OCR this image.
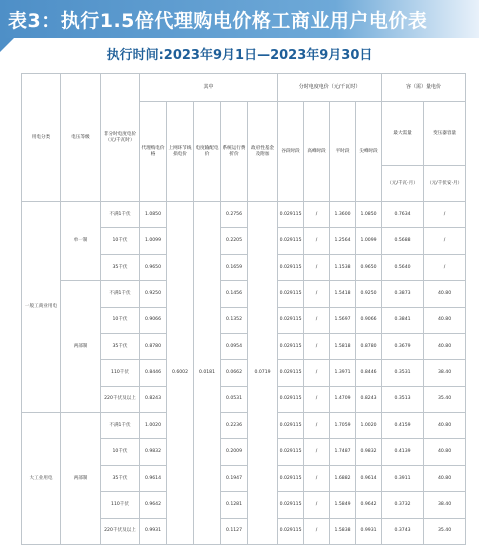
表3：执行1.5倍代理购电价格工商业用户电价表
执行时间:2023年9月1日—2023年9月30日
用电分类	电压等级	非分时电度电价（元/千瓦时）	其中					分时电度电价（元/千瓦时）				容（需）量电价		
			代理购电价格	上网环节线损电价	电度输配电价	系统运行费折价	政府性基金及附加	谷段时段	高峰时段	平时段	尖峰时段	最大需量	变压器容量	
												（元/千瓦·月）	（元/千伏安·月）	
一般工商业用电	单一制	不满1千伏	1.0850	0.6002	0.0181	0.2756	0.0719	0.029115	/	1.3600	1.0850	0.7634	/	
		10千伏	1.0099			0.2205		0.029115	/	1.2564	1.0099	0.5688	/	
		35千伏	0.9650			0.1659		0.029115	/	1.1538	0.9650	0.5640	/	
	两部制	不满1千伏	0.9250			0.1456		0.029115	/	1.5418	0.9250	0.3873	40.80	
		10千伏	0.9066			0.1352		0.029115	/	1.5697	0.9066	0.3841	40.80	
		35千伏	0.8780			0.0954		0.029115	/	1.5818	0.8780	0.3679	40.80	
		110千伏	0.8446			0.0662		0.029115	/	1.3971	0.8446	0.3531	38.40	
		220千伏及以上	0.8243			0.0531		0.029115	/	1.4709	0.8243	0.3513	35.40	
大工业用电	两部制	不满1千伏	1.0020			0.2236		0.029115	/	1.7059	1.0020	0.4159	40.80	
		10千伏	0.9832			0.2009		0.029115	/	1.7487	0.9832	0.4139	40.80	
		35千伏	0.9614			0.1947		0.029115	/	1.6882	0.9614	0.3911	40.80	
		110千伏	0.9642			0.1281		0.029115	/	1.5849	0.9642	0.3732	38.40	
		220千伏及以上	0.9931			0.1127		0.029115	/	1.5838	0.9931	0.3743	35.40	
